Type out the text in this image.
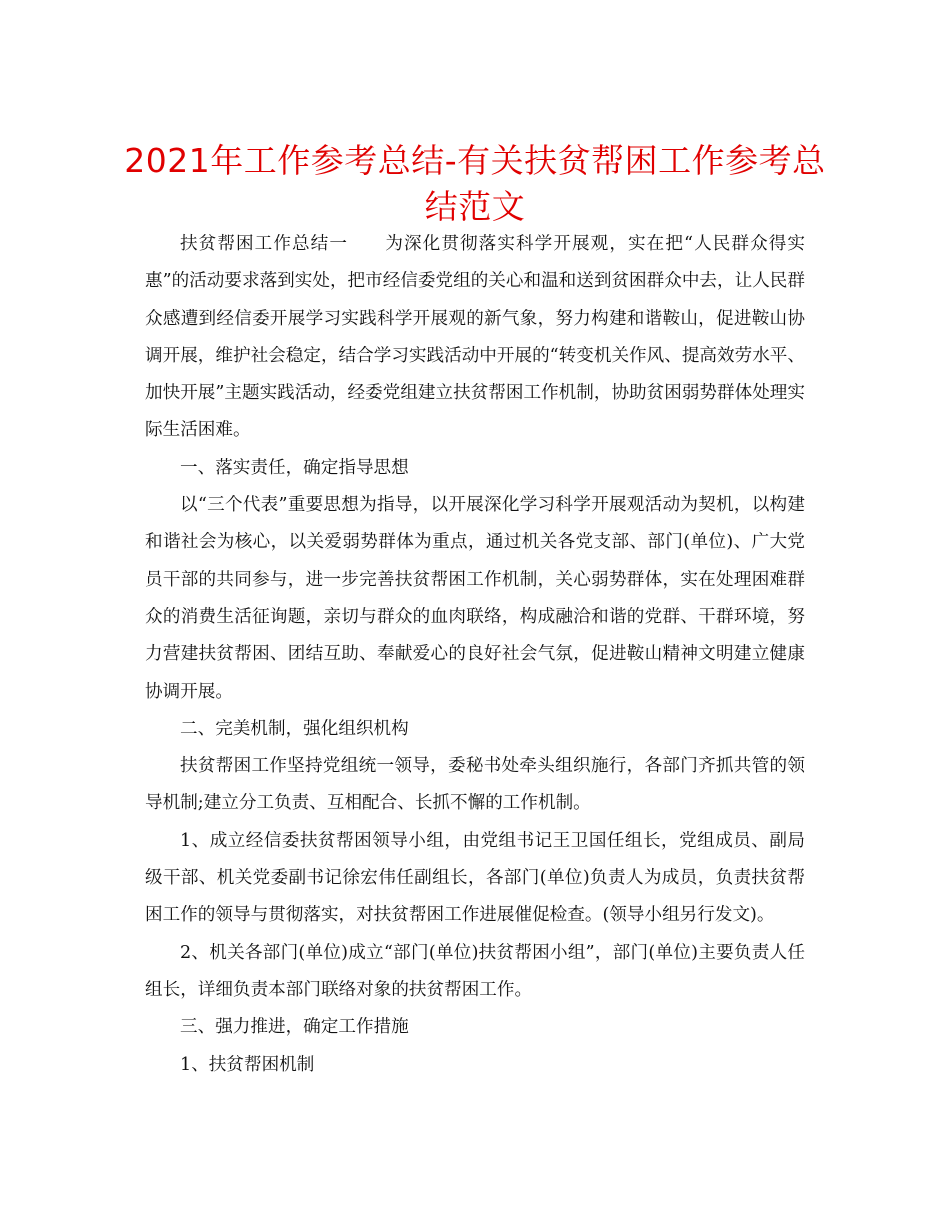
2021年工作参考总结-有关扶贫帮困工作参考总结范文

扶贫帮困工作总结一　　为深化贯彻落实科学开展观，实在把“人民群众得实惠”的活动要求落到实处，把市经信委党组的关心和温和送到贫困群众中去，让人民群众感遭到经信委开展学习实践科学开展观的新气象，努力构建和谐鞍山，促进鞍山协调开展，维护社会稳定，结合学习实践活动中开展的“转变机关作风、提高效劳水平、加快开展”主题实践活动，经委党组建立扶贫帮困工作机制，协助贫困弱势群体处理实际生活困难。

一、落实责任，确定指导思想

以“三个代表”重要思想为指导，以开展深化学习科学开展观活动为契机，以构建和谐社会为核心，以关爱弱势群体为重点，通过机关各党支部、部门(单位)、广大党员干部的共同参与，进一步完善扶贫帮困工作机制，关心弱势群体，实在处理困难群众的消费生活征询题，亲切与群众的血肉联络，构成融洽和谐的党群、干群环境，努力营建扶贫帮困、团结互助、奉献爱心的良好社会气氛，促进鞍山精神文明建立健康协调开展。

二、完美机制，强化组织机构

扶贫帮困工作坚持党组统一领导，委秘书处牵头组织施行，各部门齐抓共管的领导机制;建立分工负责、互相配合、长抓不懈的工作机制。

1、成立经信委扶贫帮困领导小组，由党组书记王卫国任组长，党组成员、副局级干部、机关党委副书记徐宏伟任副组长，各部门(单位)负责人为成员，负责扶贫帮困工作的领导与贯彻落实，对扶贫帮困工作进展催促检查。(领导小组另行发文)。

2、机关各部门(单位)成立“部门(单位)扶贫帮困小组”，部门(单位)主要负责人任组长，详细负责本部门联络对象的扶贫帮困工作。

三、强力推进，确定工作措施

1、扶贫帮困机制
